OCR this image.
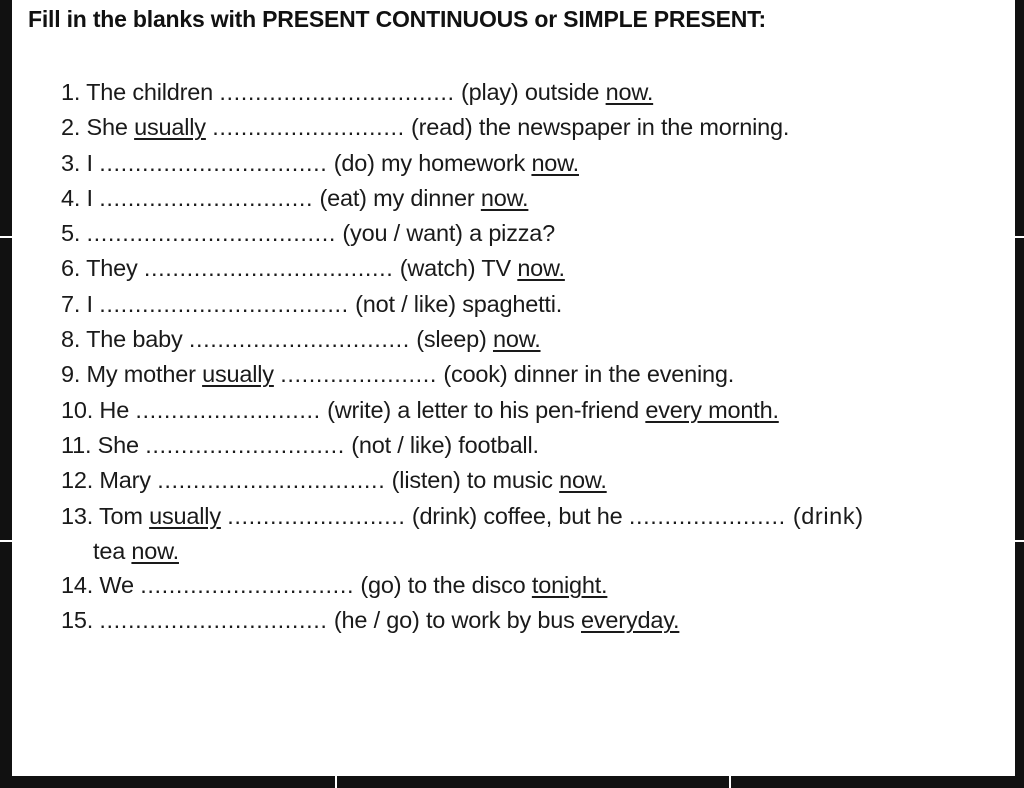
Fill in the blanks with PRESENT CONTINUOUS or SIMPLE PRESENT:
1. The children ................................. (play) outside now.
2. She usually ........................... (read) the newspaper in the morning.
3. I ................................ (do) my homework now.
4. I .............................. (eat) my dinner now.
5. ................................... (you / want) a pizza?
6. They ................................... (watch) TV now.
7. I ................................... (not / like) spaghetti.
8. The baby ............................... (sleep) now.
9. My mother usually ...................... (cook) dinner in the evening.
10. He .......................... (write) a letter to his pen-friend every month.
11. She ............................ (not / like) football.
12. Mary ................................ (listen) to music now.
13. Tom usually ......................... (drink) coffee, but he ...................... (drink)
tea now.
14. We .............................. (go) to the disco tonight.
15. ................................ (he / go) to work by bus everyday.
